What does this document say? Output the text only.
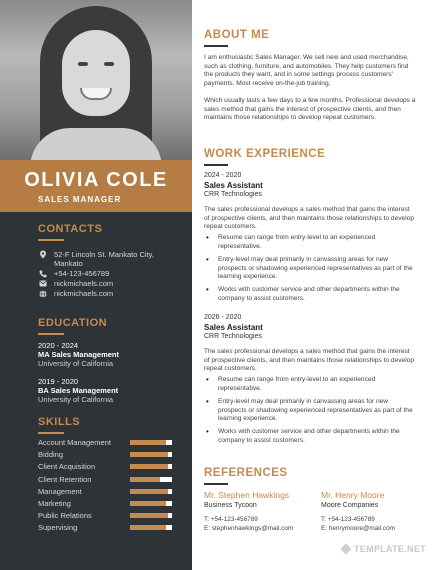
OLIVIA COLE
SALES MANAGER
CONTACTS
52-F Lincoln St. Mankato City,
Mankato
+54-123-456789
nickmichaels.com
nickmichaels.com
EDUCATION
2020 - 2024
MA Sales Management
University of California
2019 - 2020
BA Sales Management
University of California
SKILLS
Account Management
Bidding
Client Acquisition
Client Retention
Management
Marketing
Public Relations
Supervising
ABOUT ME
I am enthusiastic Sales Manager. We sell new and used merchandise, such as clothing, furniture, and automobiles. They help customers find the products they want, and in some settings process customers' payments. Most receive on-the-job training,
Which usually lasts a few days to a few months. Professional develops a sales method that gains the interest of prospective clients, and then maintains those relationships to develop repeat customers.
WORK EXPERIENCE
2024 - 2020
Sales Assistant
CRR Technologies
The sales professional develops a sales method that gains the interest of prospective clients, and then maintains those relationships to develop repeat customers.
•	Resume can range from entry-level to an experienced representative.
•	Entry-level may deal primarily in canvassing areas for new prospects or shadowing experienced representatives as part of the learning experience.
•	Works with customer service and other departments within the company to assist customers.
2026 - 2020
Sales Assistant
CRR Technologies
The sales professional develops a sales method that gains the interest of prospective clients, and then maintains those relationships to develop repeat customers.
•	Resume can range from entry-level to an experienced representative.
•	Entry-level may deal primarily in canvassing areas for new prospects or shadowing experienced representatives as part of the learning experience.
•	Works with customer service and other departments within the company to assist customers.
REFERENCES
Mr. Stephen Hawkings
Business Tycoon
T: +54-123-456789
E: stephenhawkings@mail.com
Mr. Henry Moore
Moore Companies
T: +54-123-456789
E: henrymoore@mail.com
TEMPLATE.NET
